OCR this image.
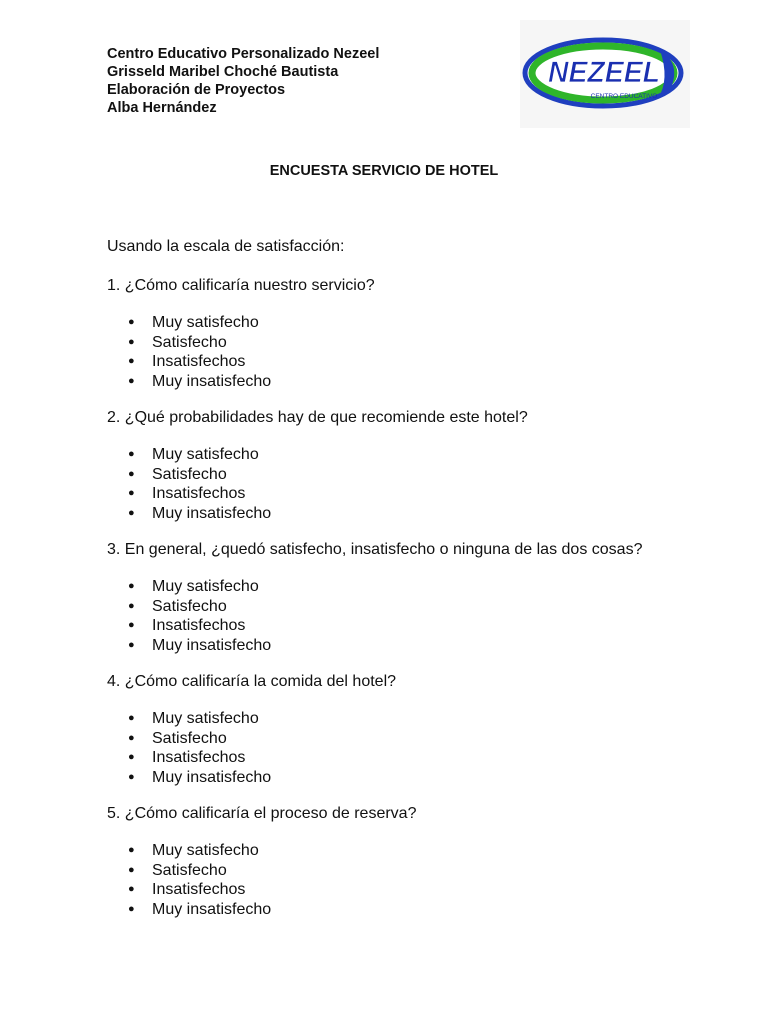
Centro Educativo Personalizado Nezeel
Grisseld Maribel Choché Bautista
Elaboración de Proyectos
Alba Hernández
NEZEEL
CENTRO EDUCATIVO
ENCUESTA SERVICIO DE HOTEL

Usando la escala de satisfacción:

1. ¿Cómo calificaría nuestro servicio?

● Muy satisfecho
● Satisfecho
● Insatisfechos
● Muy insatisfecho

2. ¿Qué probabilidades hay de que recomiende este hotel?

● Muy satisfecho
● Satisfecho
● Insatisfechos
● Muy insatisfecho

3. En general, ¿quedó satisfecho, insatisfecho o ninguna de las dos cosas?

● Muy satisfecho
● Satisfecho
● Insatisfechos
● Muy insatisfecho

4. ¿Cómo calificaría la comida del hotel?

● Muy satisfecho
● Satisfecho
● Insatisfechos
● Muy insatisfecho

5. ¿Cómo calificaría el proceso de reserva?

● Muy satisfecho
● Satisfecho
● Insatisfechos
● Muy insatisfecho
